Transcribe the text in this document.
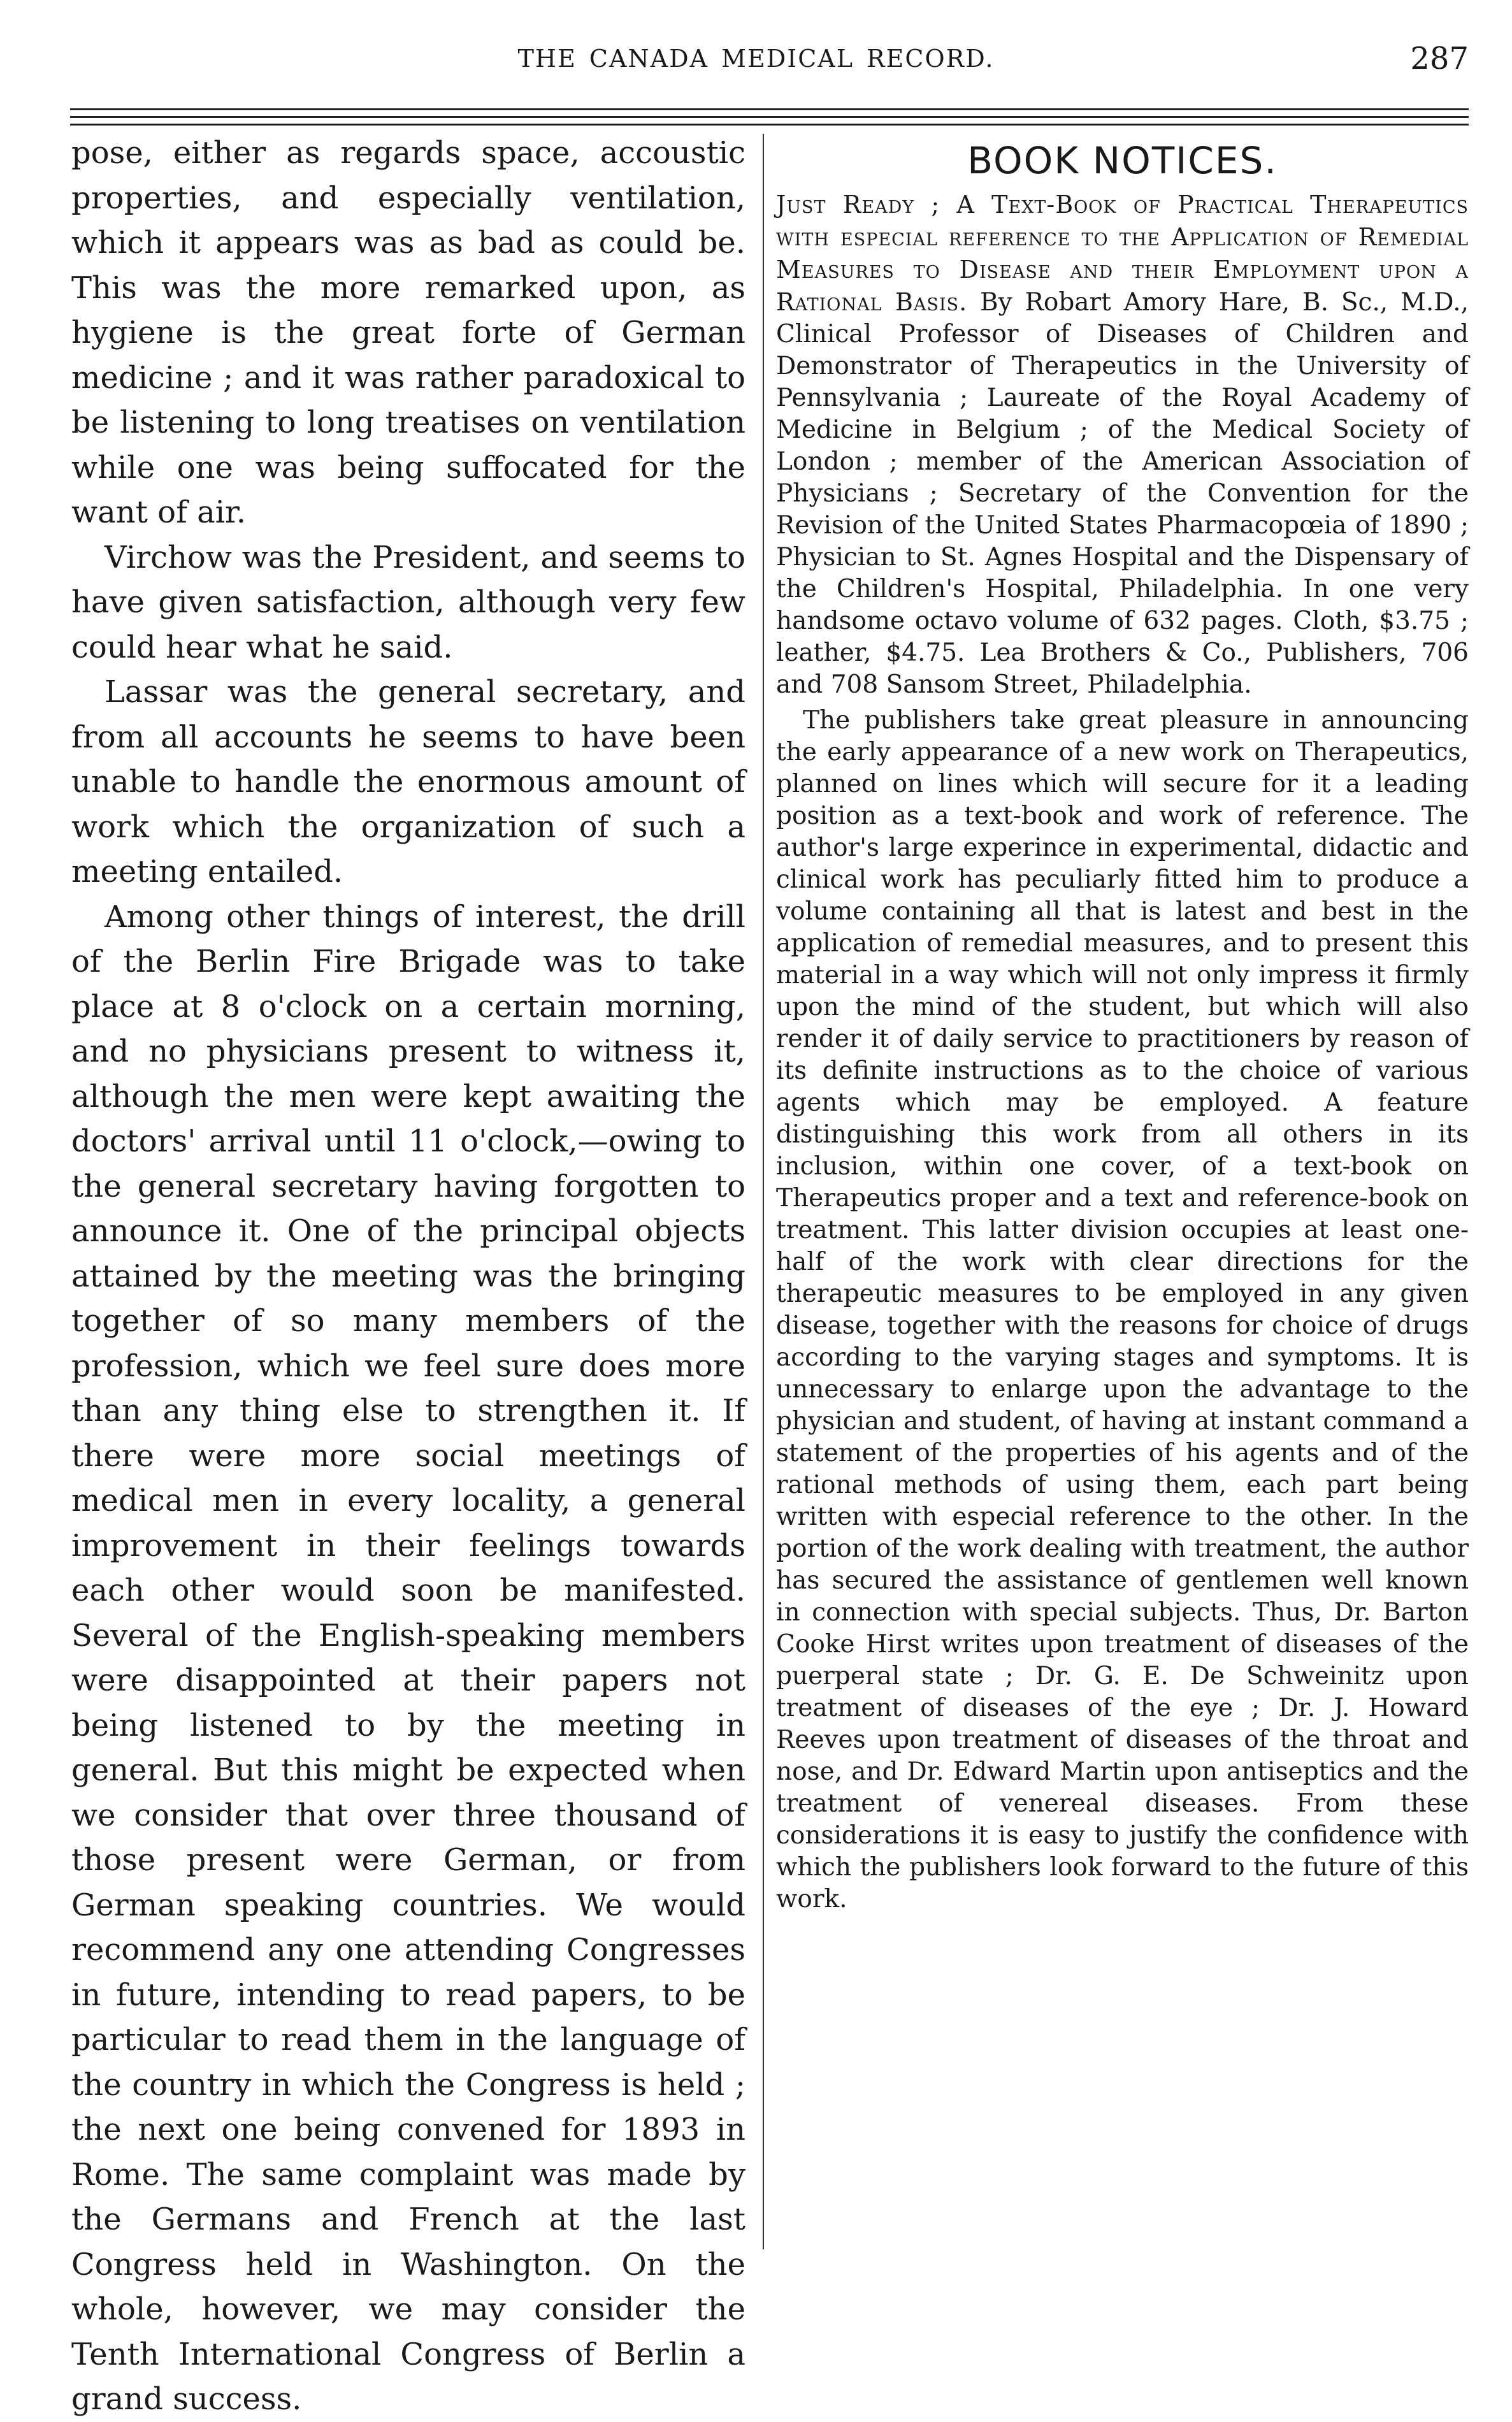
THE CANADA MEDICAL RECORD.	287

pose, either as regards space, accoustic properties, and especially ventilation, which it appears was as bad as could be. This was the more remarked upon, as hygiene is the great forte of German medicine ; and it was rather paradoxical to be listening to long treatises on ventilation while one was being suffocated for the want of air.

Virchow was the President, and seems to have given satisfaction, although very few could hear what he said.

Lassar was the general secretary, and from all accounts he seems to have been unable to handle the enormous amount of work which the organization of such a meeting entailed.

Among other things of interest, the drill of the Berlin Fire Brigade was to take place at 8 o'clock on a certain morning, and no physicians present to witness it, although the men were kept awaiting the doctors' arrival until 11 o'clock,—owing to the general secretary having forgotten to announce it. One of the principal objects attained by the meeting was the bringing together of so many members of the profession, which we feel sure does more than any thing else to strengthen it. If there were more social meetings of medical men in every locality, a general improvement in their feelings towards each other would soon be manifested. Several of the English-speaking members were disappointed at their papers not being listened to by the meeting in general. But this might be expected when we consider that over three thousand of those present were German, or from German speaking countries. We would recommend any one attending Congresses in future, intending to read papers, to be particular to read them in the language of the country in which the Congress is held ; the next one being convened for 1893 in Rome. The same complaint was made by the Germans and French at the last Congress held in Washington. On the whole, however, we may consider the Tenth International Congress of Berlin a grand success.

BOOK NOTICES.

Just Ready ; A Text-Book of Practical Therapeutics with especial reference to the Application of Remedial Measures to Disease and their Employment upon a Rational Basis. By Robart Amory Hare, B. Sc., M.D., Clinical Professor of Diseases of Children and Demonstrator of Therapeutics in the University of Pennsylvania ; Laureate of the Royal Academy of Medicine in Belgium ; of the Medical Society of London ; member of the American Association of Physicians ; Secretary of the Convention for the Revision of the United States Pharmacopœia of 1890 ; Physician to St. Agnes Hospital and the Dispensary of the Children's Hospital, Philadelphia. In one very handsome octavo volume of 632 pages. Cloth, $3.75 ; leather, $4.75. Lea Brothers & Co., Publishers, 706 and 708 Sansom Street, Philadelphia.

The publishers take great pleasure in announcing the early appearance of a new work on Therapeutics, planned on lines which will secure for it a leading position as a text-book and work of reference. The author's large experince in experimental, didactic and clinical work has peculiarly fitted him to produce a volume containing all that is latest and best in the application of remedial measures, and to present this material in a way which will not only impress it firmly upon the mind of the student, but which will also render it of daily service to practitioners by reason of its definite instructions as to the choice of various agents which may be employed. A feature distinguishing this work from all others in its inclusion, within one cover, of a text-book on Therapeutics proper and a text and reference-book on treatment. This latter division occupies at least one-half of the work with clear directions for the therapeutic measures to be employed in any given disease, together with the reasons for choice of drugs according to the varying stages and symptoms. It is unnecessary to enlarge upon the advantage to the physician and student, of having at instant command a statement of the properties of his agents and of the rational methods of using them, each part being written with especial reference to the other. In the portion of the work dealing with treatment, the author has secured the assistance of gentlemen well known in connection with special subjects. Thus, Dr. Barton Cooke Hirst writes upon treatment of diseases of the puerperal state ; Dr. G. E. De Schweinitz upon treatment of diseases of the eye ; Dr. J. Howard Reeves upon treatment of diseases of the throat and nose, and Dr. Edward Martin upon antiseptics and the treatment of venereal diseases. From these considerations it is easy to justify the confidence with which the publishers look forward to the future of this work.
